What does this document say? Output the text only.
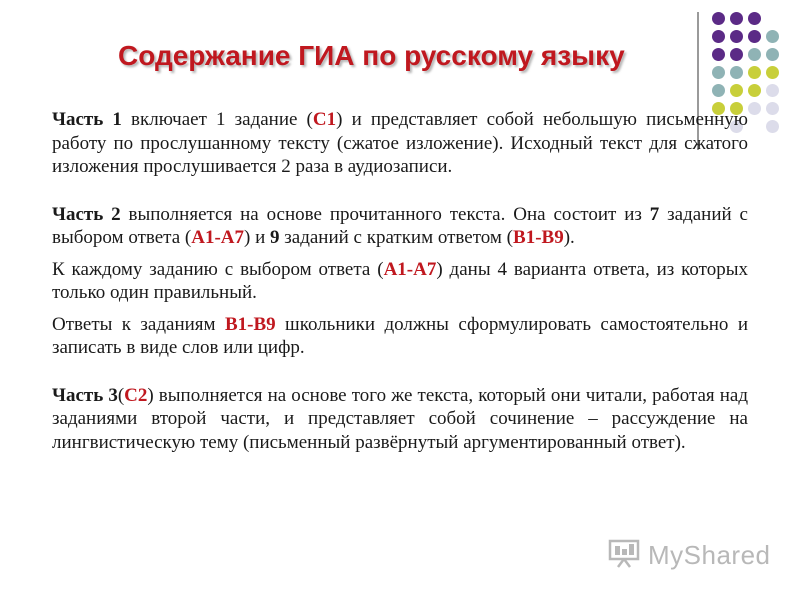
Содержание ГИА по русскому языку

Часть 1 включает 1 задание (С1) и представляет собой небольшую письменную работу по прослушанному тексту (сжатое изложение). Исходный текст для сжатого изложения прослушивается 2 раза в аудиозаписи.

Часть 2 выполняется на основе прочитанного текста. Она состоит из 7 заданий с выбором ответа (А1-А7) и 9 заданий с кратким ответом (В1-В9).

К каждому заданию с выбором ответа (А1-А7) даны 4 варианта ответа, из которых только один правильный.

Ответы к заданиям В1-В9 школьники должны сформулировать самостоятельно и записать в виде слов или цифр.

Часть 3(С2) выполняется на основе того же текста, который они читали, работая над заданиями второй части, и представляет собой сочинение – рассуждение на лингвистическую тему (письменный развёрнутый аргументированный ответ).

MyShared
